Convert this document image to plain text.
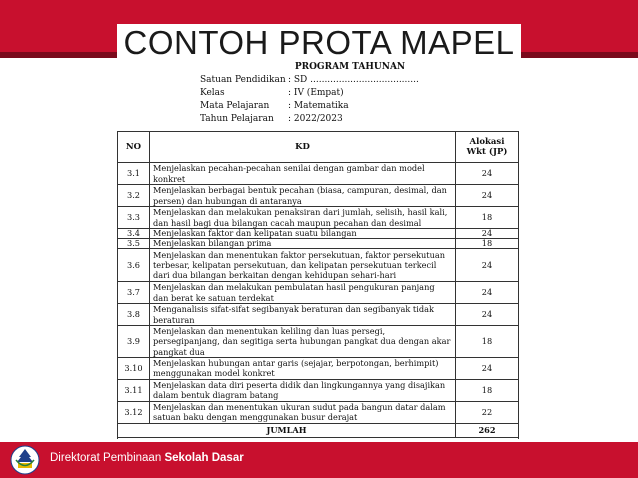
CONTOH PROTA MAPEL
PROGRAM TAHUNAN
Satuan Pendidikan : SD ......................................
Kelas	: IV (Empat)
Mata Pelajaran : Matematika
Tahun Pelajaran : 2022/2023
NO	KD	Alokasi Wkt (JP)
3.1	Menjelaskan pecahan-pecahan senilai dengan gambar dan model konkret	24
3.2	Menjelaskan berbagai bentuk pecahan (biasa, campuran, desimal, dan persen) dan hubungan di antaranya	24
3.3	Menjelaskan dan melakukan penaksiran dari jumlah, selisih, hasil kali, dan hasil bagi dua bilangan cacah maupun pecahan dan desimal	18
3.4	Menjelaskan faktor dan kelipatan suatu bilangan	24
3.5	Menjelaskan bilangan prima	18
3.6	Menjelaskan dan menentukan faktor persekutuan, faktor persekutuan terbesar, kelipatan persekutuan, dan kelipatan persekutuan terkecil dari dua bilangan berkaitan dengan kehidupan sehari-hari	24
3.7	Menjelaskan dan melakukan pembulatan hasil pengukuran panjang dan berat ke satuan terdekat	24
3.8	Menganalisis sifat-sifat segibanyak beraturan dan segibanyak tidak beraturan	24
3.9	Menjelaskan dan menentukan keliling dan luas persegi, persegipanjang, dan segitiga serta hubungan pangkat dua dengan akar pangkat dua	18
3.10	Menjelaskan hubungan antar garis (sejajar, berpotongan, berhimpit) menggunakan model konkret	24
3.11	Menjelaskan data diri peserta didik dan lingkungannya yang disajikan dalam bentuk diagram batang	18
3.12	Menjelaskan dan menentukan ukuran sudut pada bangun datar dalam satuan baku dengan menggunakan busur derajat	22
JUMLAH		262

Direktorat Pembinaan Sekolah Dasar
